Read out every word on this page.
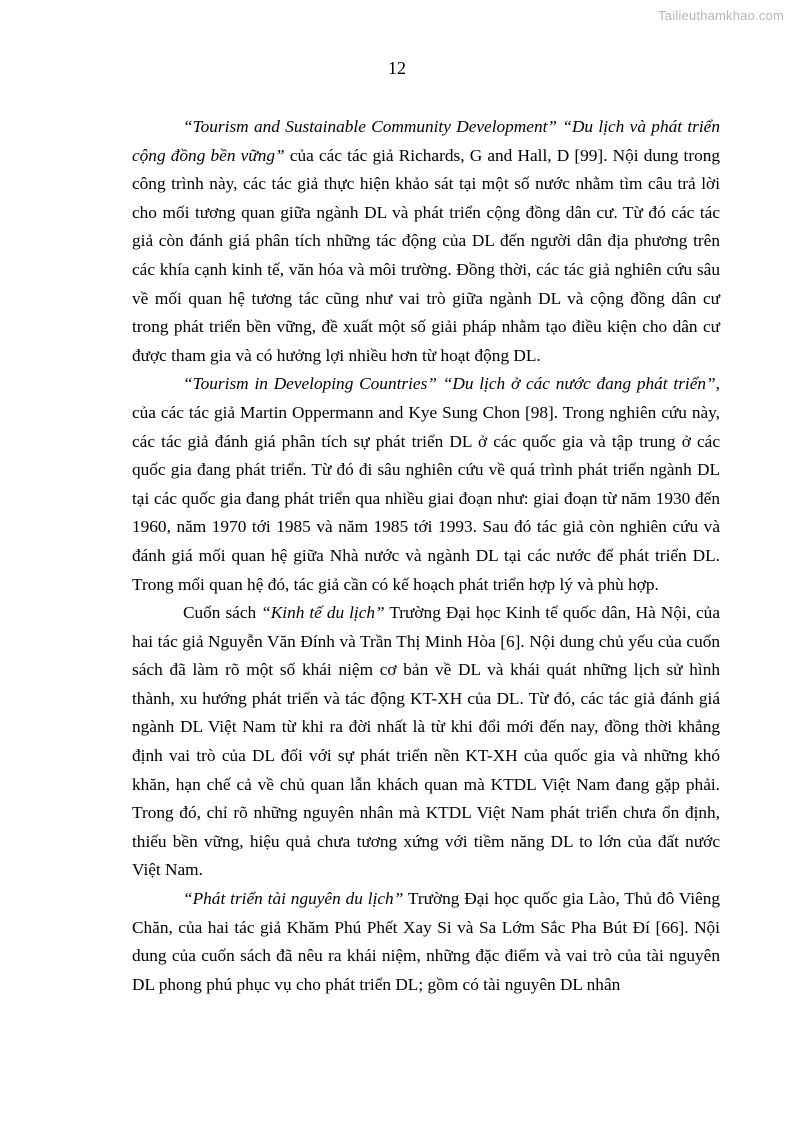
Tailieuthamkhao.com
12

“Tourism and Sustainable Community Development” “Du lịch và phát triển cộng đồng bền vững” của các tác giả Richards, G and Hall, D [99]. Nội dung trong công trình này, các tác giả thực hiện khảo sát tại một số nước nhằm tìm câu trả lời cho mối tương quan giữa ngành DL và phát triển cộng đồng dân cư. Từ đó các tác giả còn đánh giá phân tích những tác động của DL đến người dân địa phương trên các khía cạnh kinh tế, văn hóa và môi trường. Đồng thời, các tác giả nghiên cứu sâu về mối quan hệ tương tác cũng như vai trò giữa ngành DL và cộng đồng dân cư trong phát triển bền vững, đề xuất một số giải pháp nhằm tạo điều kiện cho dân cư được tham gia và có hưởng lợi nhiều hơn từ hoạt động DL.

“Tourism in Developing Countries” “Du lịch ở các nước đang phát triển”, của các tác giả Martin Oppermann and Kye Sung Chon [98]. Trong nghiên cứu này, các tác giả đánh giá phân tích sự phát triển DL ở các quốc gia và tập trung ở các quốc gia đang phát triển. Từ đó đi sâu nghiên cứu về quá trình phát triển ngành DL tại các quốc gia đang phát triển qua nhiều giai đoạn như: giai đoạn từ năm 1930 đến 1960, năm 1970 tới 1985 và năm 1985 tới 1993. Sau đó tác giả còn nghiên cứu và đánh giá mối quan hệ giữa Nhà nước và ngành DL tại các nước để phát triển DL. Trong mối quan hệ đó, tác giả cần có kế hoạch phát triển hợp lý và phù hợp.

Cuốn sách “Kinh tế du lịch” Trường Đại học Kinh tế quốc dân, Hà Nội, của hai tác giả Nguyễn Văn Đính và Trần Thị Minh Hòa [6]. Nội dung chủ yếu của cuốn sách đã làm rõ một số khái niệm cơ bản về DL và khái quát những lịch sử hình thành, xu hướng phát triển và tác động KT-XH của DL. Từ đó, các tác giả đánh giá ngành DL Việt Nam từ khi ra đời nhất là từ khi đổi mới đến nay, đồng thời khẳng định vai trò của DL đối với sự phát triển nền KT-XH của quốc gia và những khó khăn, hạn chế cả về chủ quan lẫn khách quan mà KTDL Việt Nam đang gặp phải. Trong đó, chỉ rõ những nguyên nhân mà KTDL Việt Nam phát triển chưa ổn định, thiếu bền vững, hiệu quả chưa tương xứng với tiềm năng DL to lớn của đất nước Việt Nam.

“Phát triển tài nguyên du lịch” Trường Đại học quốc gia Lào, Thủ đô Viêng Chăn, của hai tác giả Khăm Phú Phết Xay Si và Sa Lớm Sắc Pha Bút Đí [66]. Nội dung của cuốn sách đã nêu ra khái niệm, những đặc điểm và vai trò của tài nguyên DL phong phú phục vụ cho phát triển DL; gồm có tài nguyên DL nhân
